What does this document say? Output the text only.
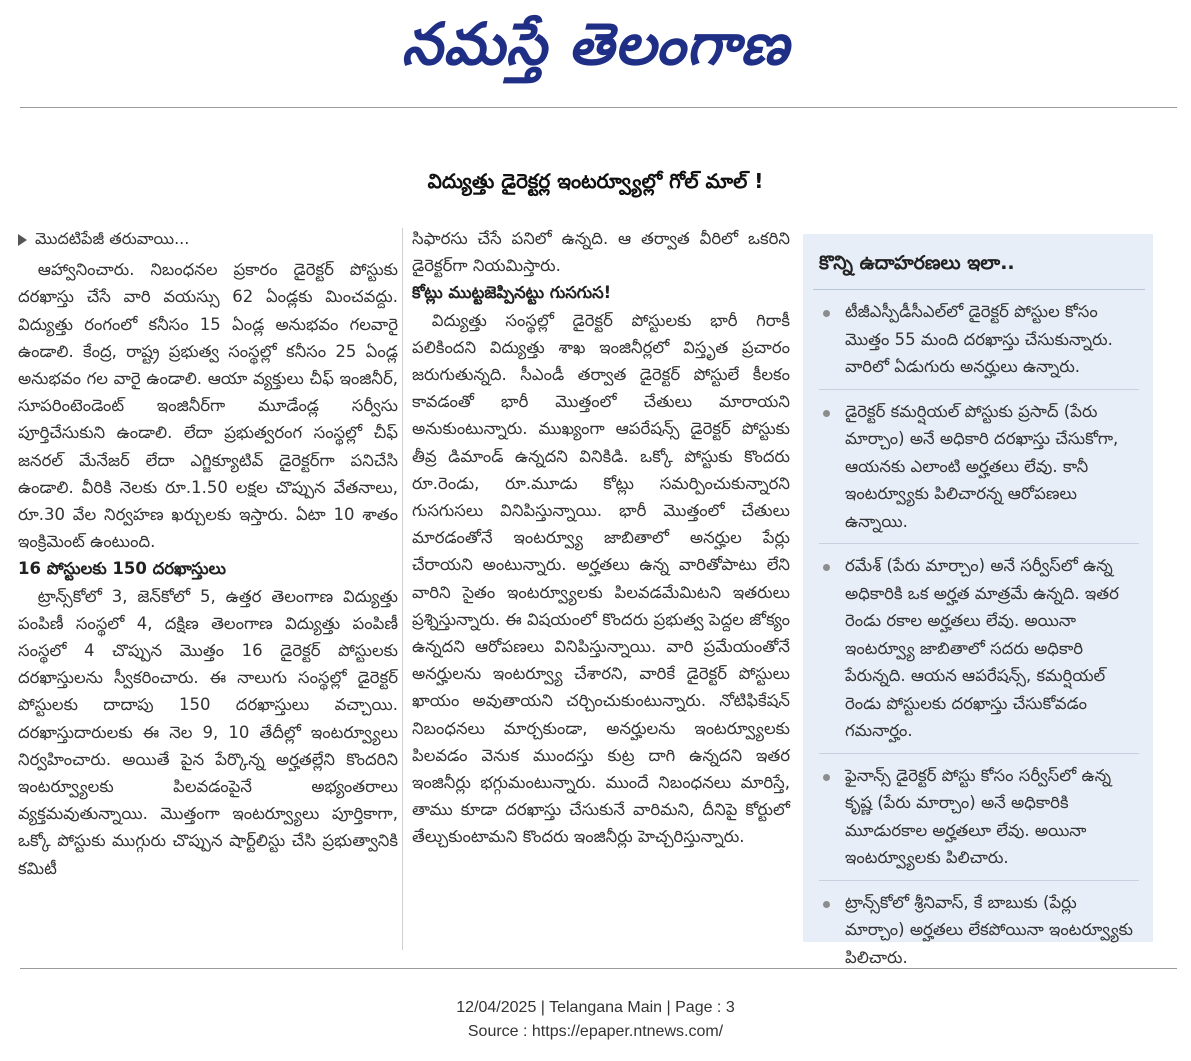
నమస్తే తెలంగాణ
విద్యుత్తు డైరెక్టర్ల ఇంటర్వ్యూల్లో గోల్ మాల్ !
మొదటిపేజీ తరువాయి...

ఆహ్వానించారు. నిబంధనల ప్రకారం డైరెక్టర్ పోస్టుకు దరఖాస్తు చేసే వారి వయస్సు 62 ఏండ్లకు మించవద్దు. విద్యుత్తు రంగంలో కనీసం 15 ఏండ్ల అనుభవం గలవారై ఉండాలి. కేంద్ర, రాష్ట్ర ప్రభుత్వ సంస్థల్లో కనీసం 25 ఏండ్ల అనుభవం గల వారై ఉండాలి. ఆయా వ్యక్తులు చీఫ్ ఇంజినీర్, సూపరింటెండెంట్ ఇంజినీర్‌గా మూడేండ్ల సర్వీసు పూర్తిచేసుకుని ఉండాలి. లేదా ప్రభుత్వరంగ సంస్థల్లో చీఫ్ జనరల్ మేనేజర్ లేదా ఎగ్జిక్యూటివ్ డైరెక్టర్‌గా పనిచేసి ఉండాలి. వీరికి నెలకు రూ.1.50 లక్షల చొప్పున వేతనాలు, రూ.30 వేల నిర్వహణ ఖర్చులకు ఇస్తారు. ఏటా 10 శాతం ఇంక్రిమెంట్ ఉంటుంది.

16 పోస్టులకు 150 దరఖాస్తులు

ట్రాన్స్‌కోలో 3, జెన్‌కోలో 5, ఉత్తర తెలంగాణ విద్యుత్తు పంపిణీ సంస్థలో 4, దక్షిణ తెలంగాణ విద్యుత్తు పంపిణీ సంస్థలో 4 చొప్పున మొత్తం 16 డైరెక్టర్ పోస్టులకు దరఖాస్తులను స్వీకరించారు. ఈ నాలుగు సంస్థల్లో డైరెక్టర్ పోస్టులకు దాదాపు 150 దరఖాస్తులు వచ్చాయి. దరఖాస్తుదారులకు ఈ నెల 9, 10 తేదీల్లో ఇంటర్వ్యూలు నిర్వహించారు. అయితే పైన పేర్కొన్న అర్హతల్లేని కొందరిని ఇంటర్వ్యూలకు పిలవడంపైనే అభ్యంతరాలు వ్యక్తమవుతున్నాయి. మొత్తంగా ఇంటర్వ్యూలు పూర్తికాగా, ఒక్కో పోస్టుకు ముగ్గురు చొప్పున షార్ట్‌లిస్టు చేసి ప్రభుత్వానికి కమిటీ

సిఫారసు చేసే పనిలో ఉన్నది. ఆ తర్వాత వీరిలో ఒకరిని డైరెక్టర్‌గా నియమిస్తారు.

కోట్లు ముట్టజెప్పినట్టు గుసగుస!

విద్యుత్తు సంస్థల్లో డైరెక్టర్ పోస్టులకు భారీ గిరాకీ పలికిందని విద్యుత్తు శాఖ ఇంజినీర్లలో విస్తృత ప్రచారం జరుగుతున్నది. సీఎండీ తర్వాత డైరెక్టర్ పోస్టులే కీలకం కావడంతో భారీ మొత్తంలో చేతులు మారాయని అనుకుంటున్నారు. ముఖ్యంగా ఆపరేషన్స్ డైరెక్టర్ పోస్టుకు తీవ్ర డిమాండ్ ఉన్నదని వినికిడి. ఒక్కో పోస్టుకు కొందరు రూ.రెండు, రూ.మూడు కోట్లు సమర్పించుకున్నారని గుసగుసలు వినిపిస్తున్నాయి. భారీ మొత్తంలో చేతులు మారడంతోనే ఇంటర్వ్యూ జాబితాలో అనర్హుల పేర్లు చేరాయని అంటున్నారు. అర్హతలు ఉన్న వారితోపాటు లేని వారిని సైతం ఇంటర్వ్యూలకు పిలవడమేమిటని ఇతరులు ప్రశ్నిస్తున్నారు. ఈ విషయంలో కొందరు ప్రభుత్వ పెద్దల జోక్యం ఉన్నదని ఆరోపణలు వినిపిస్తున్నాయి. వారి ప్రమేయంతోనే అనర్హులను ఇంటర్వ్యూ చేశారని, వారికే డైరెక్టర్ పోస్టులు ఖాయం అవుతాయని చర్చించుకుంటున్నారు. నోటిఫికేషన్ నిబంధనలు మార్చకుండా, అనర్హులను ఇంటర్వ్యూలకు పిలవడం వెనుక ముందస్తు కుట్ర దాగి ఉన్నదని ఇతర ఇంజినీర్లు భగ్గుమంటున్నారు. ముందే నిబంధనలు మారిస్తే, తాము కూడా దరఖాస్తు చేసుకునే వారిమని, దీనిపై కోర్టులో తేల్చుకుంటామని కొందరు ఇంజినీర్లు హెచ్చరిస్తున్నారు.

కొన్ని ఉదాహరణలు ఇలా..
టీజీఎస్పీడీసీఎల్‌లో డైరెక్టర్ పోస్టుల కోసం మొత్తం 55 మంది దరఖాస్తు చేసుకున్నారు. వారిలో ఏడుగురు అనర్హులు ఉన్నారు.
డైరెక్టర్ కమర్షియల్ పోస్టుకు ప్రసాద్ (పేరు మార్చాం) అనే అధికారి దరఖాస్తు చేసుకోగా, ఆయనకు ఎలాంటి అర్హతలు లేవు. కానీ ఇంటర్వ్యూకు పిలిచారన్న ఆరోపణలు ఉన్నాయి.
రమేశ్ (పేరు మార్చాం) అనే సర్వీస్‌లో ఉన్న అధికారికి ఒక అర్హత మాత్రమే ఉన్నది. ఇతర రెండు రకాల అర్హతలు లేవు. అయినా ఇంటర్వ్యూ జాబితాలో సదరు అధికారి పేరున్నది. ఆయన ఆపరేషన్స్, కమర్షియల్ రెండు పోస్టులకు దరఖాస్తు చేసుకోవడం గమనార్హం.
ఫైనాన్స్ డైరెక్టర్ పోస్టు కోసం సర్వీస్‌లో ఉన్న కృష్ణ (పేరు మార్చాం) అనే అధికారికి మూడురకాల అర్హతలూ లేవు. అయినా ఇంటర్వ్యూలకు పిలిచారు.
ట్రాన్స్‌కోలో శ్రీనివాస్, కే బాబుకు (పేర్లు మార్చాం) అర్హతలు లేకపోయినా ఇంటర్వ్యూకు పిలిచారు.
12/04/2025 | Telangana Main | Page : 3
Source : https://epaper.ntnews.com/
